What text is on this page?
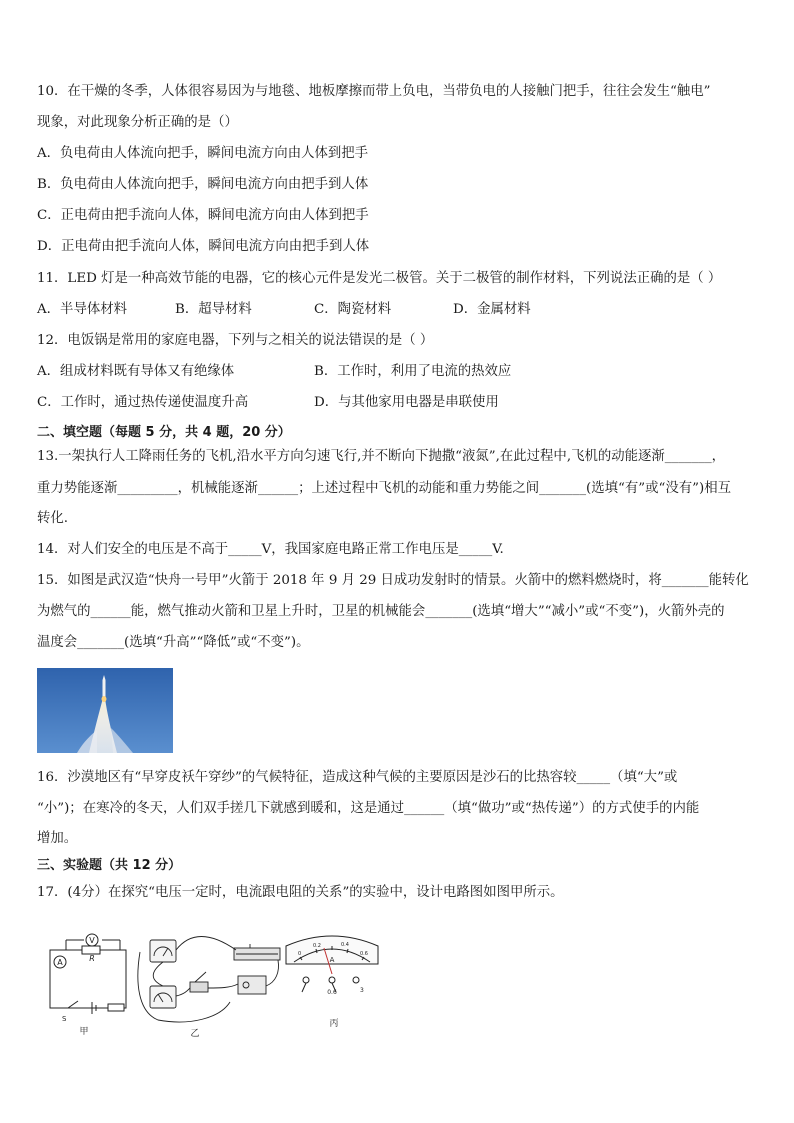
10．在干燥的冬季，人体很容易因为与地毯、地板摩擦而带上负电，当带负电的人接触门把手，往往会发生“触电”
现象，对此现象分析正确的是（）
A．负电荷由人体流向把手，瞬间电流方向由人体到把手
B．负电荷由人体流向把手，瞬间电流方向由把手到人体
C．正电荷由把手流向人体，瞬间电流方向由人体到把手
D．正电荷由把手流向人体，瞬间电流方向由把手到人体
11．LED 灯是一种高效节能的电器，它的核心元件是发光二极管。关于二极管的制作材料，下列说法正确的是（ ）
A．半导体材料	B．超导材料	C．陶瓷材料	D．金属材料
12．电饭锅是常用的家庭电器，下列与之相关的说法错误的是（ ）
A．组成材料既有导体又有绝缘体	B．工作时，利用了电流的热效应
C．工作时，通过热传递使温度升高	D．与其他家用电器是串联使用
二、填空题（每题 5 分，共 4 题，20 分）
13.一架执行人工降雨任务的飞机,沿水平方向匀速飞行,并不断向下抛撒“液氮”,在此过程中,飞机的动能逐渐_______，
重力势能逐渐_________，机械能逐渐______；上述过程中飞机的动能和重力势能之间_______(选填“有”或“没有”)相互
转化.
14．对人们安全的电压是不高于_____V，我国家庭电路正常工作电压是_____V.
15．如图是武汉造“快舟一号甲”火箭于 2018 年 9 月 29 日成功发射时的情景。火箭中的燃料燃烧时，将_______能转化
为燃气的______能，燃气推动火箭和卫星上升时，卫星的机械能会_______(选填“增大”“减小”或“不变”)，火箭外壳的
温度会_______(选填“升高”“降低”或“不变”)。
16．沙漠地区有“早穿皮袄午穿纱”的气候特征，造成这种气候的主要原因是沙石的比热容较_____（填“大”或
“小”)；在寒冷的冬天，人们双手搓几下就感到暖和，这是通过______（填“做功”或“热传递”）的方式使手的内能
增加。
三、实验题（共 12 分）
17．(4分）在探究“电压一定时，电流跟电阻的关系”的实验中，设计电路图如图甲所示。
V
A	R
S
甲	乙
0
0.2	0.4
0.6
A
0.6	3
丙
